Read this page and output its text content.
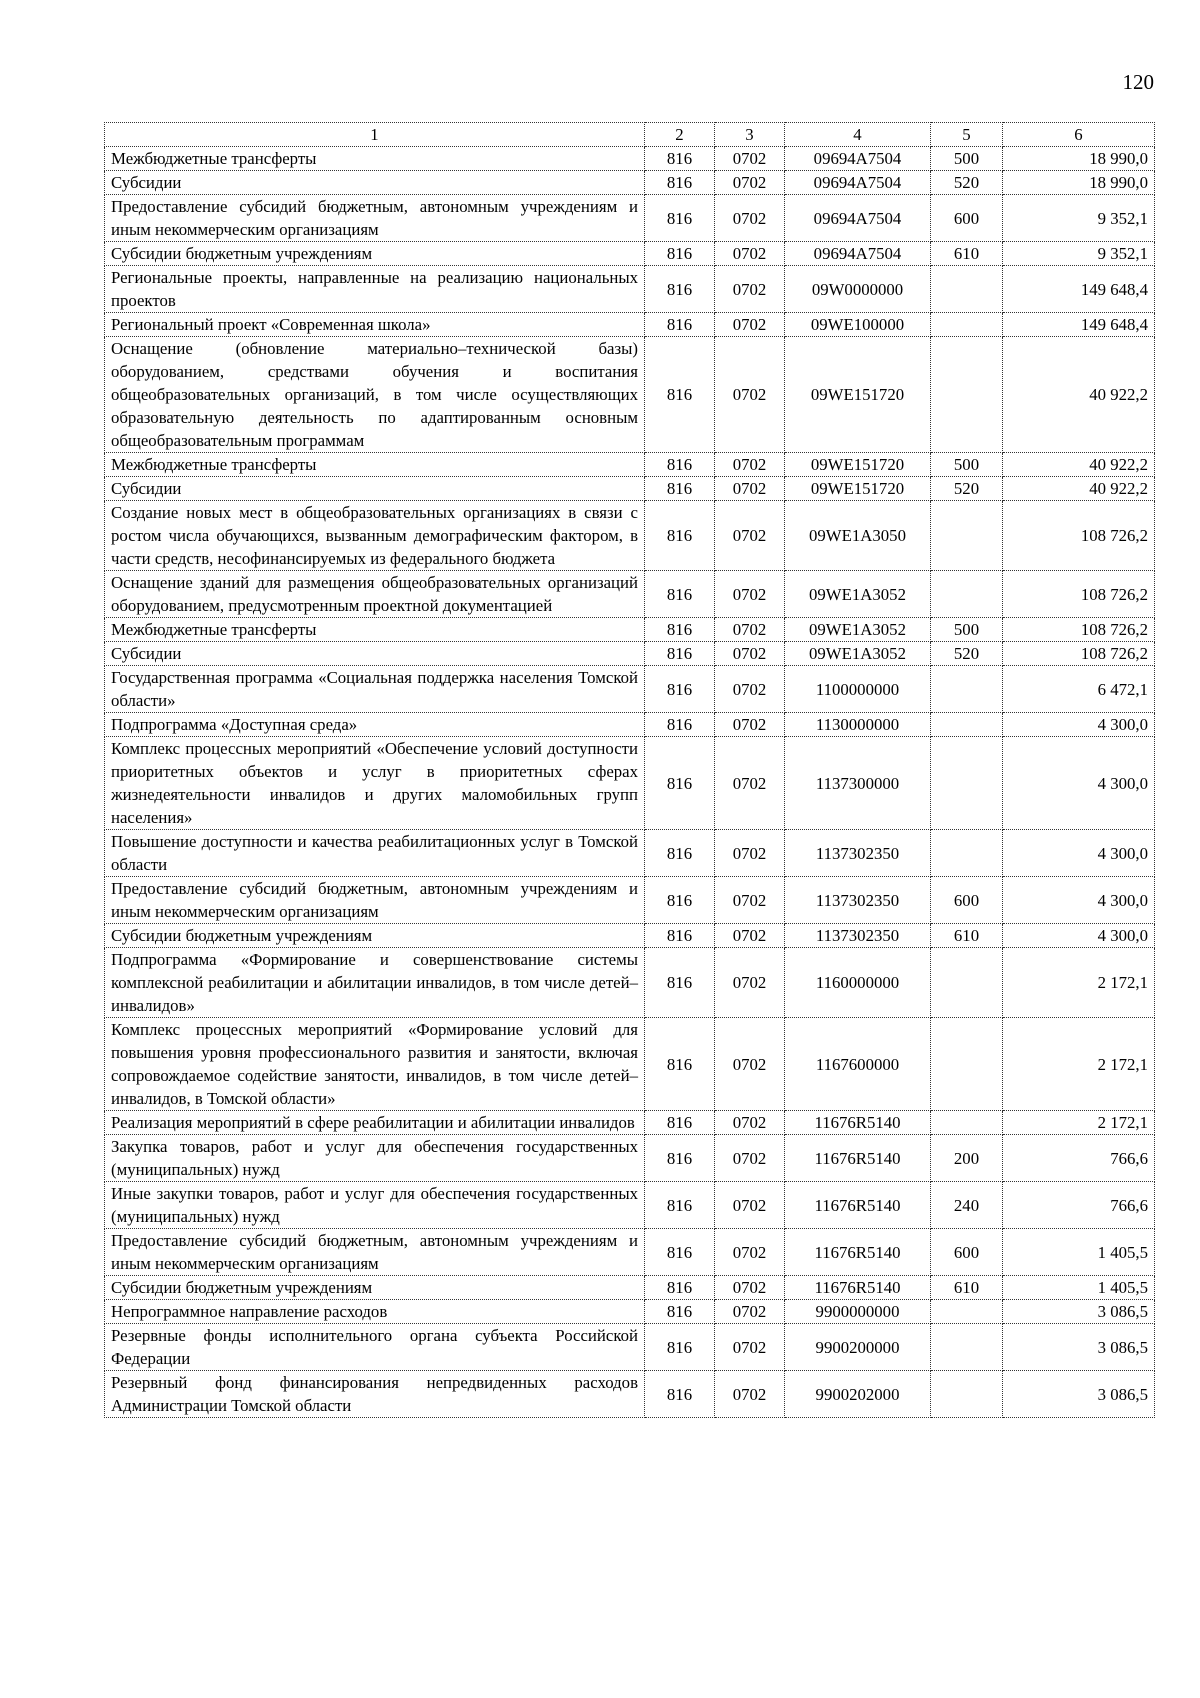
120
1	2	3	4	5	6
Межбюджетные трансферты	816	0702	09694A7504	500	18 990,0
Субсидии	816	0702	09694A7504	520	18 990,0
Предоставление субсидий бюджетным, автономным учреждениям и иным некоммерческим организациям	816	0702	09694A7504	600	9 352,1
Субсидии бюджетным учреждениям	816	0702	09694A7504	610	9 352,1
Региональные проекты, направленные на реализацию национальных проектов	816	0702	09W0000000		149 648,4
Региональный проект «Современная школа»	816	0702	09WE100000		149 648,4
Оснащение (обновление материально–технической базы) оборудованием, средствами обучения и воспитания общеобразовательных организаций, в том числе осуществляющих образовательную деятельность по адаптированным основным общеобразовательным программам	816	0702	09WE151720		40 922,2
Межбюджетные трансферты	816	0702	09WE151720	500	40 922,2
Субсидии	816	0702	09WE151720	520	40 922,2
Создание новых мест в общеобразовательных организациях в связи с ростом числа обучающихся, вызванным демографическим фактором, в части средств, несофинансируемых из федерального бюджета	816	0702	09WE1A3050		108 726,2
Оснащение зданий для размещения общеобразовательных организаций оборудованием, предусмотренным проектной документацией	816	0702	09WE1A3052		108 726,2
Межбюджетные трансферты	816	0702	09WE1A3052	500	108 726,2
Субсидии	816	0702	09WE1A3052	520	108 726,2
Государственная программа «Социальная поддержка населения Томской области»	816	0702	1100000000		6 472,1
Подпрограмма «Доступная среда»	816	0702	1130000000		4 300,0
Комплекс процессных мероприятий «Обеспечение условий доступности приоритетных объектов и услуг в приоритетных сферах жизнедеятельности инвалидов и других маломобильных групп населения»	816	0702	1137300000		4 300,0
Повышение доступности и качества реабилитационных услуг в Томской области	816	0702	1137302350		4 300,0
Предоставление субсидий бюджетным, автономным учреждениям и иным некоммерческим организациям	816	0702	1137302350	600	4 300,0
Субсидии бюджетным учреждениям	816	0702	1137302350	610	4 300,0
Подпрограмма «Формирование и совершенствование системы комплексной реабилитации и абилитации инвалидов, в том числе детей–инвалидов»	816	0702	1160000000		2 172,1
Комплекс процессных мероприятий «Формирование условий для повышения уровня профессионального развития и занятости, включая сопровождаемое содействие занятости, инвалидов, в том числе детей–инвалидов, в Томской области»	816	0702	1167600000		2 172,1
Реализация мероприятий в сфере реабилитации и абилитации инвалидов	816	0702	11676R5140		2 172,1
Закупка товаров, работ и услуг для обеспечения государственных (муниципальных) нужд	816	0702	11676R5140	200	766,6
Иные закупки товаров, работ и услуг для обеспечения государственных (муниципальных) нужд	816	0702	11676R5140	240	766,6
Предоставление субсидий бюджетным, автономным учреждениям и иным некоммерческим организациям	816	0702	11676R5140	600	1 405,5
Субсидии бюджетным учреждениям	816	0702	11676R5140	610	1 405,5
Непрограммное направление расходов	816	0702	9900000000		3 086,5
Резервные фонды исполнительного органа субъекта Российской Федерации	816	0702	9900200000		3 086,5
Резервный фонд финансирования непредвиденных расходов Администрации Томской области	816	0702	9900202000		3 086,5
